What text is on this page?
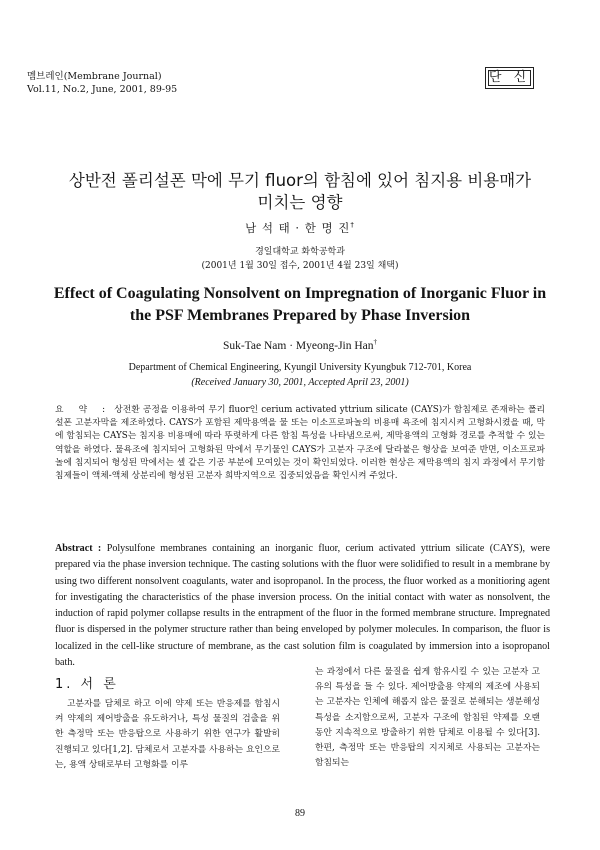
멤브레인(Membrane Journal)
Vol.11, No.2, June, 2001, 89-95
단 신
상반전 폴리설폰 막에 무기 fluor의 함침에 있어 침지용 비용매가
미치는 영향
남 석 태 · 한 명 진†
경일대학교 화학공학과
(2001년 1월 30일 접수, 2001년 4월 23일 채택)
Effect of Coagulating Nonsolvent on Impregnation of Inorganic Fluor in
the PSF Membranes Prepared by Phase Inversion
Suk-Tae Nam · Myeong-Jin Han†
Department of Chemical Engineering, Kyungil University Kyungbuk 712-701, Korea
(Received January 30, 2001, Accepted April 23, 2001)
요 약 : 상전환 공정을 이용하여 무기 fluor인 cerium activated yttrium silicate (CAYS)가 함침제로 존재하는 폴리설폰 고분자막을 제조하였다. CAYS가 포함된 제막용액을 물 또는 이소프로파놀의 비용매 욕조에 침지시켜 고형화시켰을 때, 막에 함침되는 CAYS는 침지용 비용매에 따라 뚜렷하게 다른 함침 특성을 나타냄으로써, 제막용액의 고형화 경로를 추적할 수 있는 역할을 하였다. 물욕조에 침지되어 고형화된 막에서 무기물인 CAYS가 고분자 구조에 달라붙은 형상을 보여준 반면, 이소프로파놀에 침지되어 형성된 막에서는 셀 같은 기공 부분에 모여있는 것이 확인되었다. 이러한 현상은 제막용액의 침지 과정에서 무기함침제들이 액체-액체 상분리에 형성된 고분자 희박지역으로 집중되었음을 확인시켜 주었다.
Abstract : Polysulfone membranes containing an inorganic fluor, cerium activated yttrium silicate (CAYS), were prepared via the phase inversion technique. The casting solutions with the fluor were solidified to result in a membrane by using two different nonsolvent coagulants, water and isopropanol. In the process, the fluor worked as a monitioring agent for investigating the characteristics of the phase inversion process. On the initial contact with water as nonsolvent, the induction of rapid polymer collapse results in the entrapment of the fluor in the formed membrane structure. Impregnated fluor is dispersed in the polymer structure rather than being enveloped by polymer molecules. In comparison, the fluor is localized in the cell-like structure of membrane, as the cast solution film is coagulated by immersion into a isopropanol bath.
1. 서 론
고분자를 담체로 하고 이에 약제 또는 반응제를 함침시켜 약제의 제어방출을 유도하거나, 특성 물질의 검출을 위한 측정막 또는 반응탑으로 사용하기 위한 연구가 활발히 진행되고 있다[1,2]. 담체로서 고분자를 사용하는 요인으로는, 용액 상태로부터 고형화를 이루
는 과정에서 다른 물질을 쉽게 함유시킬 수 있는 고분자 고유의 특성을 들 수 있다. 제어방출용 약제의 제조에 사용되는 고분자는 인체에 해롭지 않은 물질로 분해되는 생분해성 특성을 소지함으로써, 고분자 구조에 함침된 약제를 오랜 동안 지속적으로 방출하기 위한 담체로 이용될 수 있다[3]. 한편, 측정막 또는 반응탑의 지지체로 사용되는 고분자는 함침되는
89
